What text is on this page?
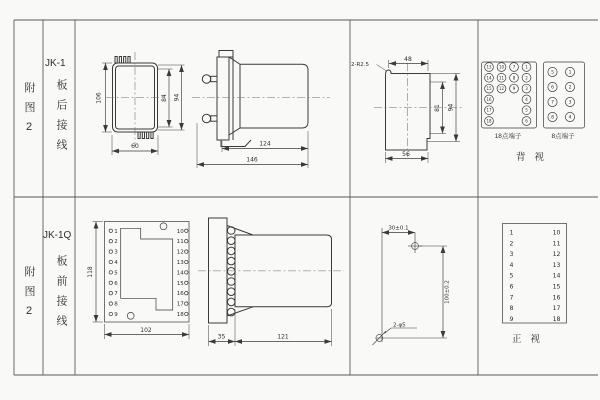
13
14
15
16
17
18
10
11
12
7
8
9
1
2
3
4
5
6
5
6
7
8
1
2
3
4
1
2
3
4
5
6
7
8
9
10
11
12
13
14
15
16
17
18
1
2
3
4
5
6
7
8
9
10
11
12
13
14
15
16
17
18
106	84 94
60	124
146
2-R2.5
48
81 94
56
118
102
35	121
30±0.1
100±0.2
2-φ5
附图2
JK-1
板后接线	18点端子	8点端子
背视
附图2
JK-1Q
板前接线
正视
